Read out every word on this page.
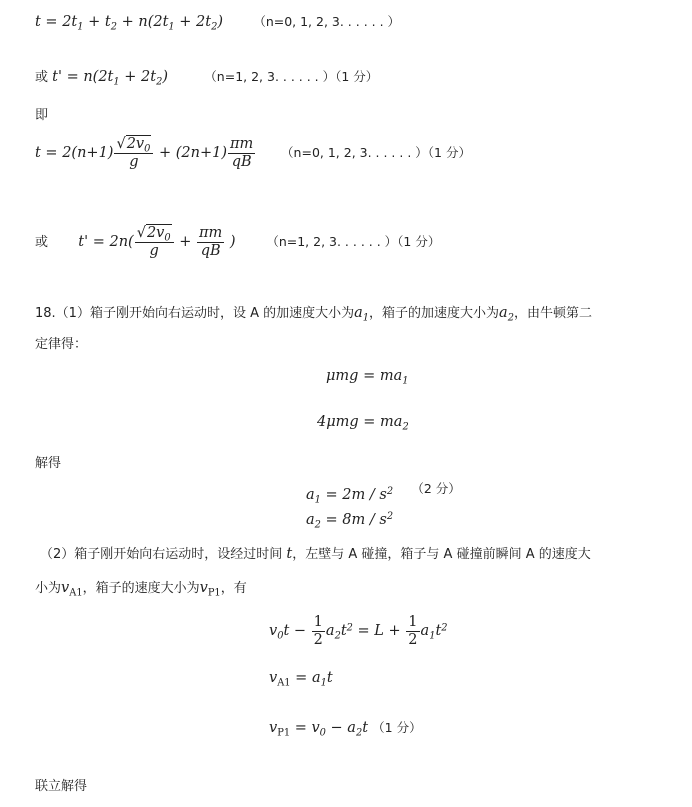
$t = 2t_1 + t_2 + n(2t_1 + 2t_2)$ （n=0, 1, 2, 3. . . . . . ）
或 $t' = n(2t_1 + 2t_2)$	（n=1, 2, 3. . . . . . ）（1 分）
即
$t = 2(n+1) \frac{√2v_0}{g} + (2n+1) \frac{\pi m}{qB} (n=0$, 1, 2, 3. . . . . . ）（1 分）
或  $t' = 2n( \frac{√2v_0}{g} + \frac{\pi m}{qB}$ )  （n=1, 2, 3. . . . . . ）（1 分）
18.（1）箱子刚开始向右运动时，设 A 的加速度大小为$a_1$，箱子的加速度大小为$a_2$，由牛顿第二
定律得：
$\mu mg = ma_1$
$4\mu mg = ma_2$
解得
$a_1 = 2m / s^2$ （2 分）
$a_2 = 8m / s^2$
（2）箱子刚开始向右运动时，设经过时间 t，左壁与 A 碰撞，箱子与 A 碰撞前瞬间 A 的速度大
小为$v_{A1}$，箱子的速度大小为$v_{P1}$，有
$v_0t - \frac{1}{2} a_2t^2 = L + \frac{1}{2} a_1t^2$
$v_{A1} = a_1t$
$v_{P1} = v_0 - a_2t$ （1 分）
联立解得
